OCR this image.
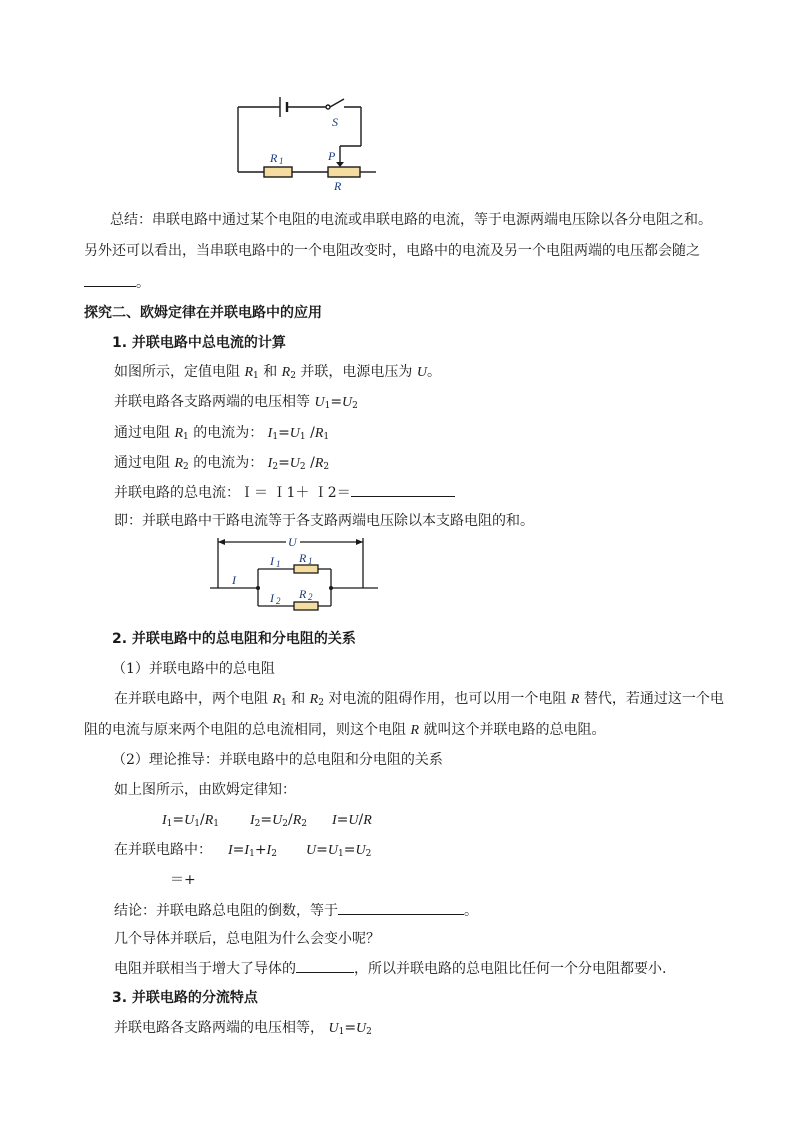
S
R 1	P
R
总结：串联电路中通过某个电阻的电流或串联电路的电流，等于电源两端电压除以各分电阻之和。
另外还可以看出，当串联电路中的一个电阻改变时，电路中的电流及另一个电阻两端的电压都会随之
。
探究二、欧姆定律在并联电路中的应用
1. 并联电路中总电流的计算
如图所示，定值电阻 $R_1$ 和 $R_2$ 并联，电源电压为 U。
并联电路各支路两端的电压相等 $U_1=U_2$
通过电阻 $R_1$ 的电流为： $I_1=U_1$ $/R_1$
通过电阻 $R_2$ 的电流为： $I_2=U_2$ $/R_2$
并联电路的总电流：Ｉ＝ Ｉ1＋ Ｉ2＝
即：并联电路中干路电流等于各支路两端电压除以本支路电阻的和。
U
I
I 1
I 2
R 1
R 2
2. 并联电路中的总电阻和分电阻的关系
（1）并联电路中的总电阻
在并联电路中，两个电阻 $R_1$ 和 $R_2$ 对电流的阻碍作用，也可以用一个电阻 R 替代，若通过这一个电
阻的电流与原来两个电阻的总电流相同，则这个电阻 R 就叫这个并联电路的总电阻。
（2）理论推导：并联电路中的总电阻和分电阻的关系
如上图所示，由欧姆定律知：
$I_1=U_1/R_1$ $I_2=U_2/R_2$ I=U/R
在并联电路中： $I=I_1+I_2$ $U=U_1=U_2$
＝+
结论：并联电路总电阻的倒数，等于	。
几个导体并联后，总电阻为什么会变小呢？
电阻并联相当于增大了导体的	，所以并联电路的总电阻比任何一个分电阻都要小.
3. 并联电路的分流特点
并联电路各支路两端的电压相等， $U_1=U_2$
